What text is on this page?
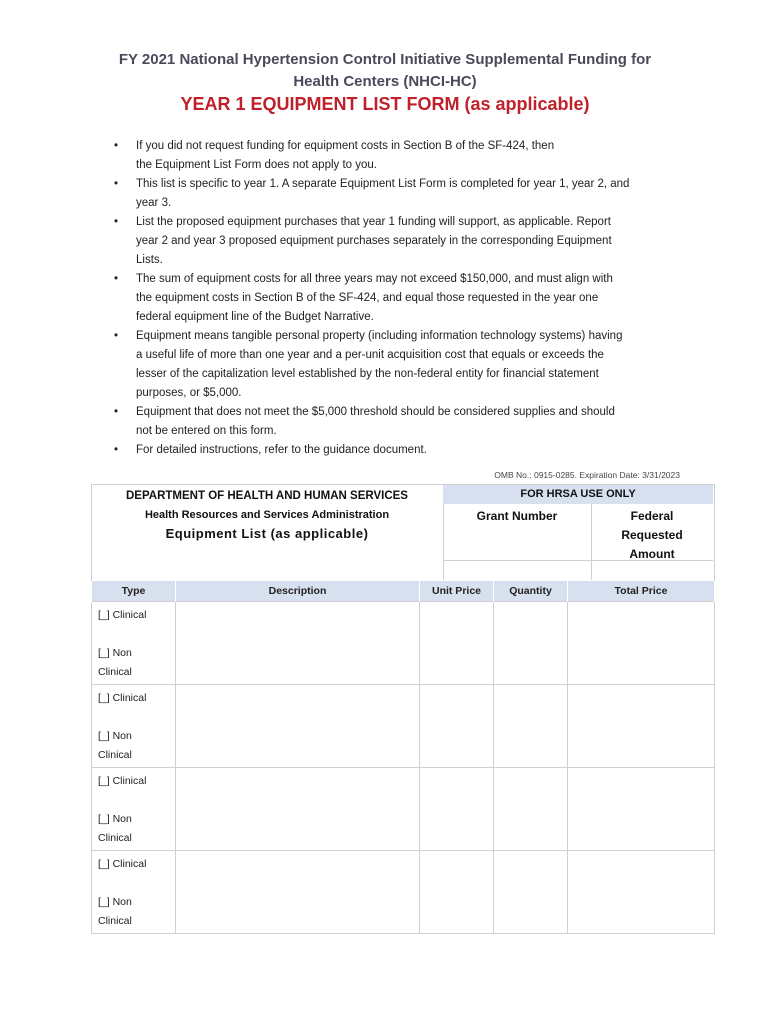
FY 2021 National Hypertension Control Initiative Supplemental Funding for
Health Centers (NHCI-HC)
YEAR 1 EQUIPMENT LIST FORM (as applicable)
• If you did not request funding for equipment costs in Section B of the SF-424, then
the Equipment List Form does not apply to you.
• This list is specific to year 1. A separate Equipment List Form is completed for year 1, year 2, and
year 3.
• List the proposed equipment purchases that year 1 funding will support, as applicable. Report
year 2 and year 3 proposed equipment purchases separately in the corresponding Equipment
Lists.
• The sum of equipment costs for all three years may not exceed $150,000, and must align with
the equipment costs in Section B of the SF-424, and equal those requested in the year one
federal equipment line of the Budget Narrative.
• Equipment means tangible personal property (including information technology systems) having
a useful life of more than one year and a per-unit acquisition cost that equals or exceeds the
lesser of the capitalization level established by the non-federal entity for financial statement
purposes, or $5,000.
• Equipment that does not meet the $5,000 threshold should be considered supplies and should
not be entered on this form.
• For detailed instructions, refer to the guidance document.
OMB No.: 0915-0285. Expiration Date: 3/31/2023
DEPARTMENT OF HEALTH AND HUMAN SERVICES
Health Resources and Services Administration
Equipment List (as applicable)
FOR HRSA USE ONLY
Grant Number	Federal
Requested
Amount
Type	Description	Unit Price	Quantity	Total Price

[_] Clinical
[_] Non
Clinical				

[_] Clinical
[_] Non
Clinical				

[_] Clinical
[_] Non
Clinical				

[_] Clinical
[_] Non
Clinical				
